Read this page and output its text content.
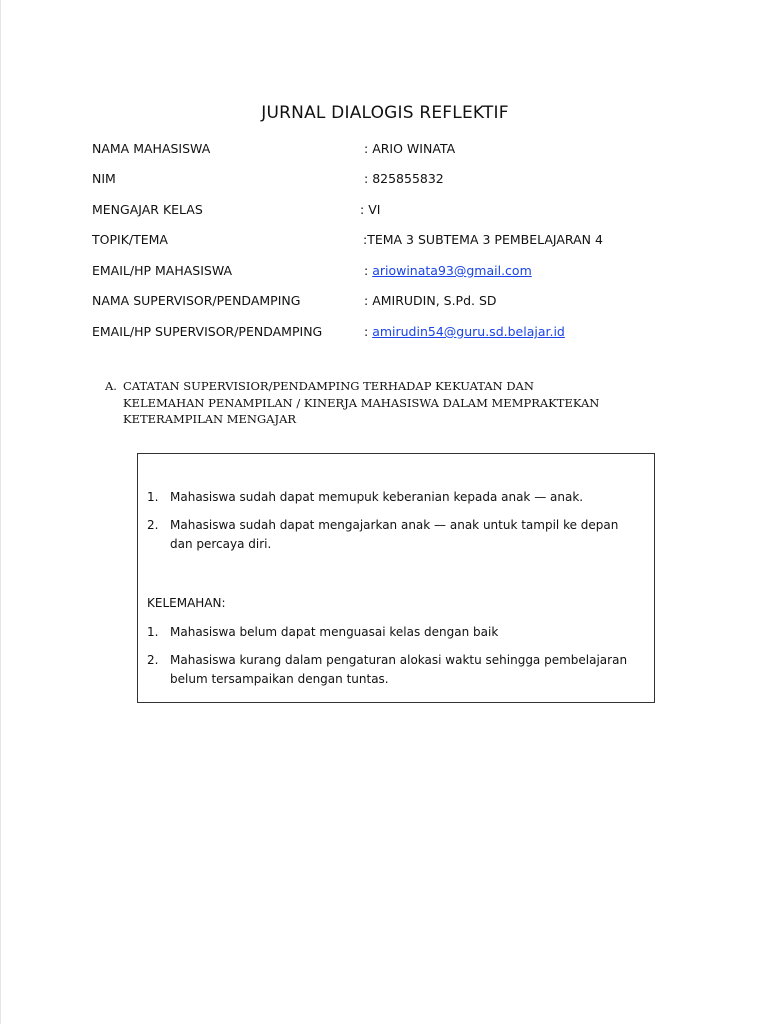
JURNAL DIALOGIS REFLEKTIF
NAMA MAHASISWA	: ARIO WINATA
NIM	: 825855832
MENGAJAR KELAS	: VI
TOPIK/TEMA	:TEMA 3 SUBTEMA 3 PEMBELAJARAN 4
EMAIL/HP MAHASISWA	: ariowinata93@gmail.com
NAMA SUPERVISOR/PENDAMPING	: AMIRUDIN, S.Pd. SD
EMAIL/HP SUPERVISOR/PENDAMPING	: amirudin54@guru.sd.belajar.id
A. CATATAN SUPERVISIOR/PENDAMPING TERHADAP KEKUATAN DAN KELEMAHAN PENAMPILAN / KINERJA MAHASISWA DALAM MEMPRAKTEKAN KETERAMPILAN MENGAJAR
1. Mahasiswa sudah dapat memupuk keberanian kepada anak — anak.
2. Mahasiswa sudah dapat mengajarkan anak — anak untuk tampil ke depan dan percaya diri.
KELEMAHAN:
1. Mahasiswa belum dapat menguasai kelas dengan baik
2. Mahasiswa kurang dalam pengaturan alokasi waktu sehingga pembelajaran belum tersampaikan dengan tuntas.
